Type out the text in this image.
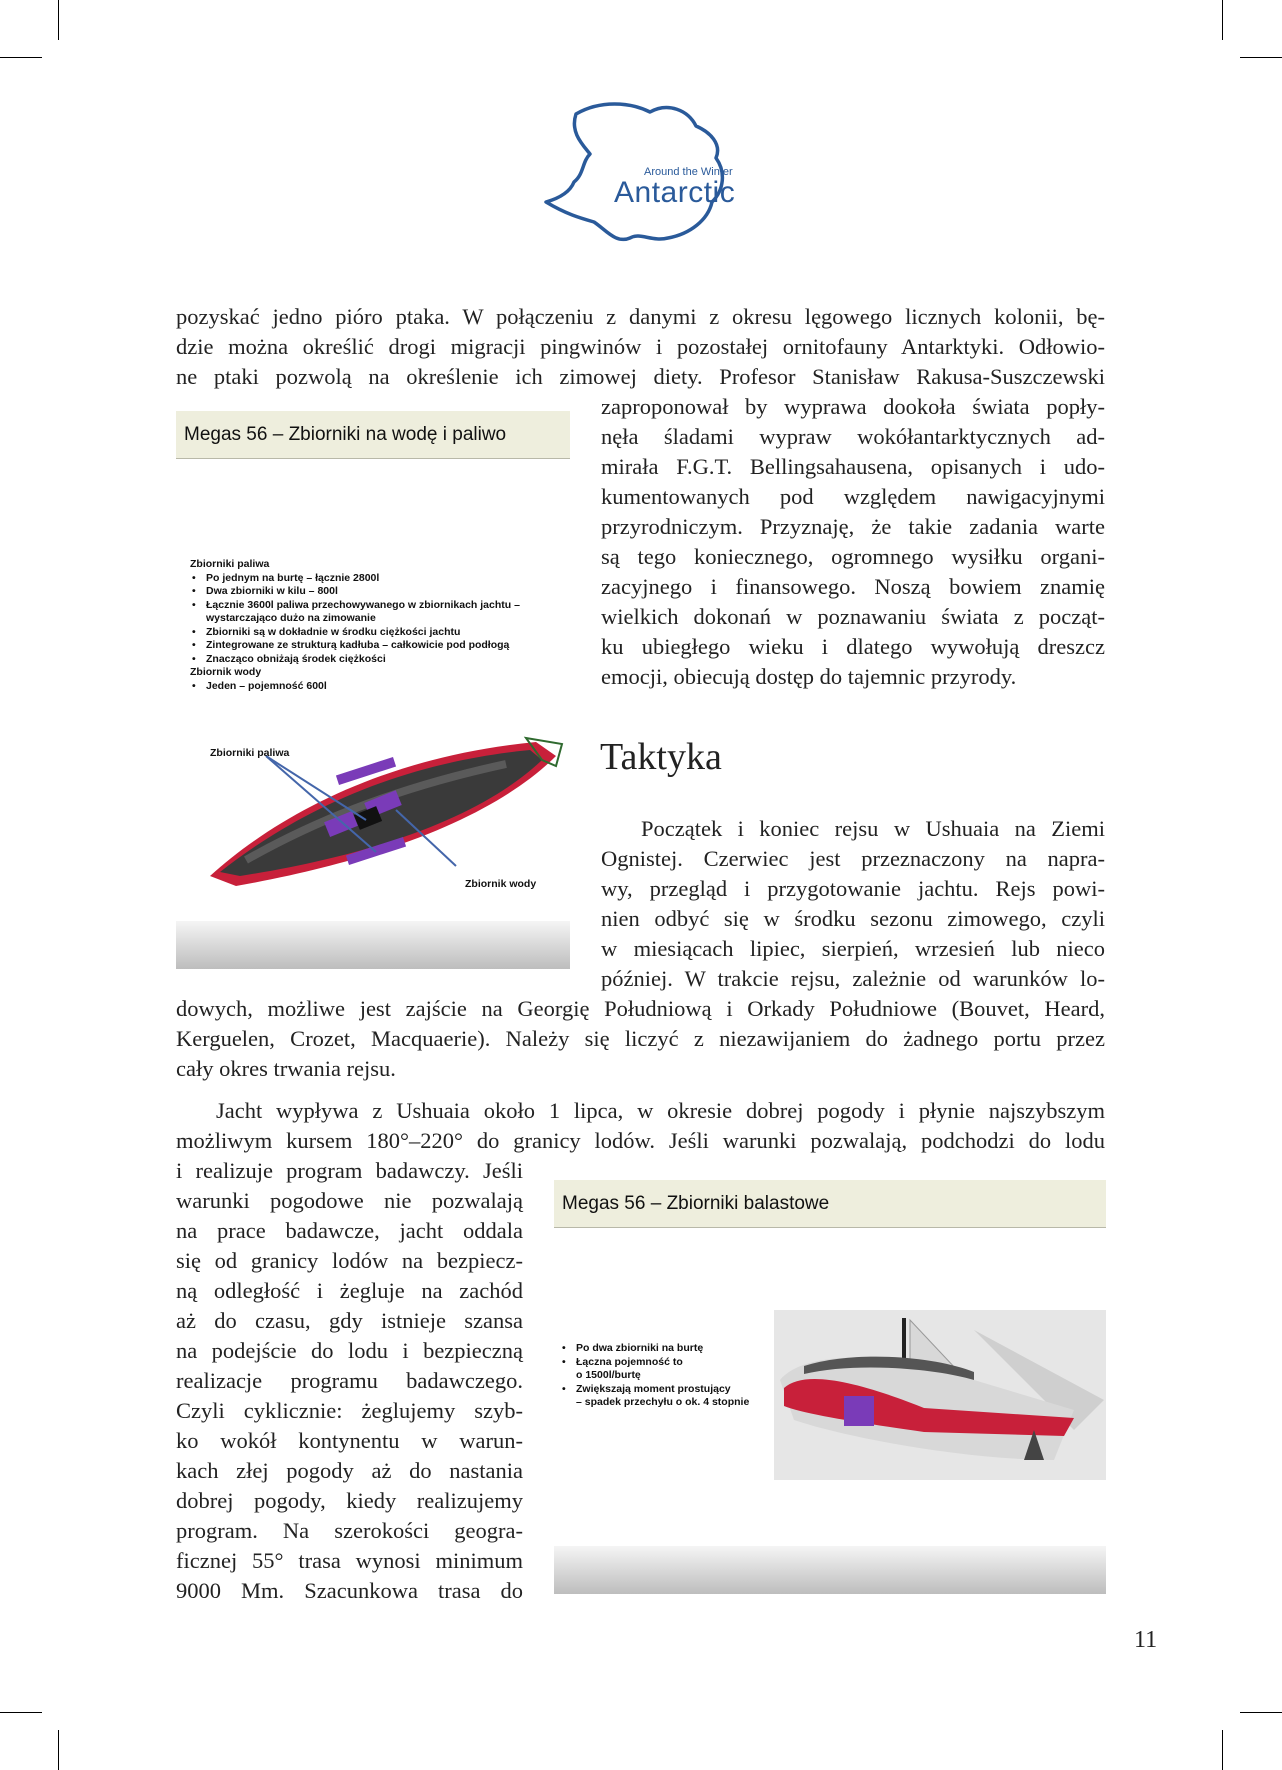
Around the Winter
Antarctic
pozyskać jedno pióro ptaka. W połączeniu z danymi z okresu lęgowego licznych kolonii, bę-
dzie można określić drogi migracji pingwinów i pozostałej ornitofauny Antarktyki. Odłowio-
ne ptaki pozwolą na określenie ich zimowej diety. Profesor Stanisław Rakusa-Suszczewski
zaproponował by wyprawa dookoła świata popły-
nęła śladami wypraw wokółantarktycznych ad-
mirała F.G.T. Bellingsahausena, opisanych i udo-
kumentowanych pod względem nawigacyjnymi
przyrodniczym. Przyznaję, że takie zadania warte
są tego koniecznego, ogromnego wysiłku organi-
zacyjnego i finansowego. Noszą bowiem znamię
wielkich dokonań w poznawaniu świata z począt-
ku ubiegłego wieku i dlatego wywołują dreszcz
emocji, obiecują dostęp do tajemnic przyrody.
Megas 56 – Zbiorniki na wodę i paliwo
Zbiorniki paliwa
• Po jednym na burtę – łącznie 2800l
• Dwa zbiorniki w kilu – 800l
• Łącznie 3600l paliwa przechowywanego w zbiornikach jachtu –
wystarczająco dużo na zimowanie
• Zbiorniki są w dokładnie w środku ciężkości jachtu
• Zintegrowane ze strukturą kadłuba – całkowicie pod podłogą
• Znacząco obniżają środek ciężkości
Zbiornik wody
• Jeden – pojemność 600l
Zbiorniki paliwa
Zbiornik wody
Taktyka
Początek i koniec rejsu w Ushuaia na Ziemi
Ognistej. Czerwiec jest przeznaczony na napra-
wy, przegląd i przygotowanie jachtu. Rejs powi-
nien odbyć się w środku sezonu zimowego, czyli
w miesiącach lipiec, sierpień, wrzesień lub nieco
później. W trakcie rejsu, zależnie od warunków lo-
dowych, możliwe jest zajście na Georgię Południową i Orkady Południowe (Bouvet, Heard,
Kerguelen, Crozet, Macquaerie). Należy się liczyć z niezawijaniem do żadnego portu przez
cały okres trwania rejsu.
Jacht wypływa z Ushuaia około 1 lipca, w okresie dobrej pogody i płynie najszybszym
możliwym kursem 180°–220° do granicy lodów. Jeśli warunki pozwalają, podchodzi do lodu
i realizuje program badawczy. Jeśli
warunki pogodowe nie pozwalają
na prace badawcze, jacht oddala
się od granicy lodów na bezpiecz-
ną odległość i żegluje na zachód
aż do czasu, gdy istnieje szansa
na podejście do lodu i bezpieczną
realizacje programu badawczego.
Czyli cyklicznie: żeglujemy szyb-
ko wokół kontynentu w warun-
kach złej pogody aż do nastania
dobrej pogody, kiedy realizujemy
program. Na szerokości geogra-
ficznej 55° trasa wynosi minimum
9000 Mm. Szacunkowa trasa do
Megas 56 – Zbiorniki balastowe
• Po dwa zbiorniki na burtę
• Łączna pojemność to
o 1500l/burtę
• Zwiększają moment prostujący
– spadek przechyłu o ok. 4 stopnie
11
